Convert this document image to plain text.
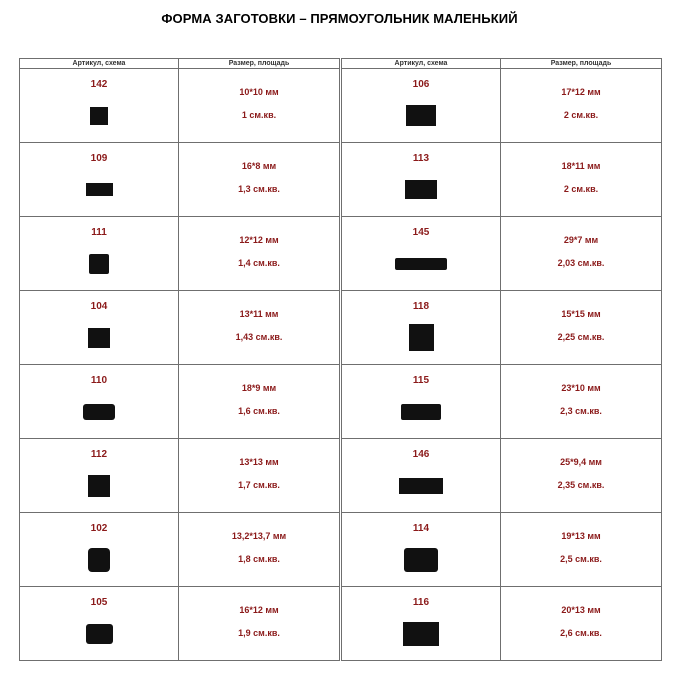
ФОРМА ЗАГОТОВКИ – ПРЯМОУГОЛЬНИК МАЛЕНЬКИЙ
Артикул, схема	Размер, площадь

142	10*10 мм
1 см.кв.

109	16*8 мм
1,3 см.кв.

111	12*12 мм
1,4 см.кв.

104	13*11 мм
1,43 см.кв.

110	18*9 мм
1,6 см.кв.

112	13*13 мм
1,7 см.кв.

102	13,2*13,7 мм
1,8 см.кв.

105	16*12 мм
1,9 см.кв.
Артикул, схема	Размер, площадь

106	17*12 мм
2 см.кв.

113	18*11 мм
2 см.кв.

145	29*7 мм
2,03 см.кв.

118	15*15 мм
2,25 см.кв.

115	23*10 мм
2,3 см.кв.

146	25*9,4 мм
2,35 см.кв.

114	19*13 мм
2,5 см.кв.

116	20*13 мм
2,6 см.кв.
